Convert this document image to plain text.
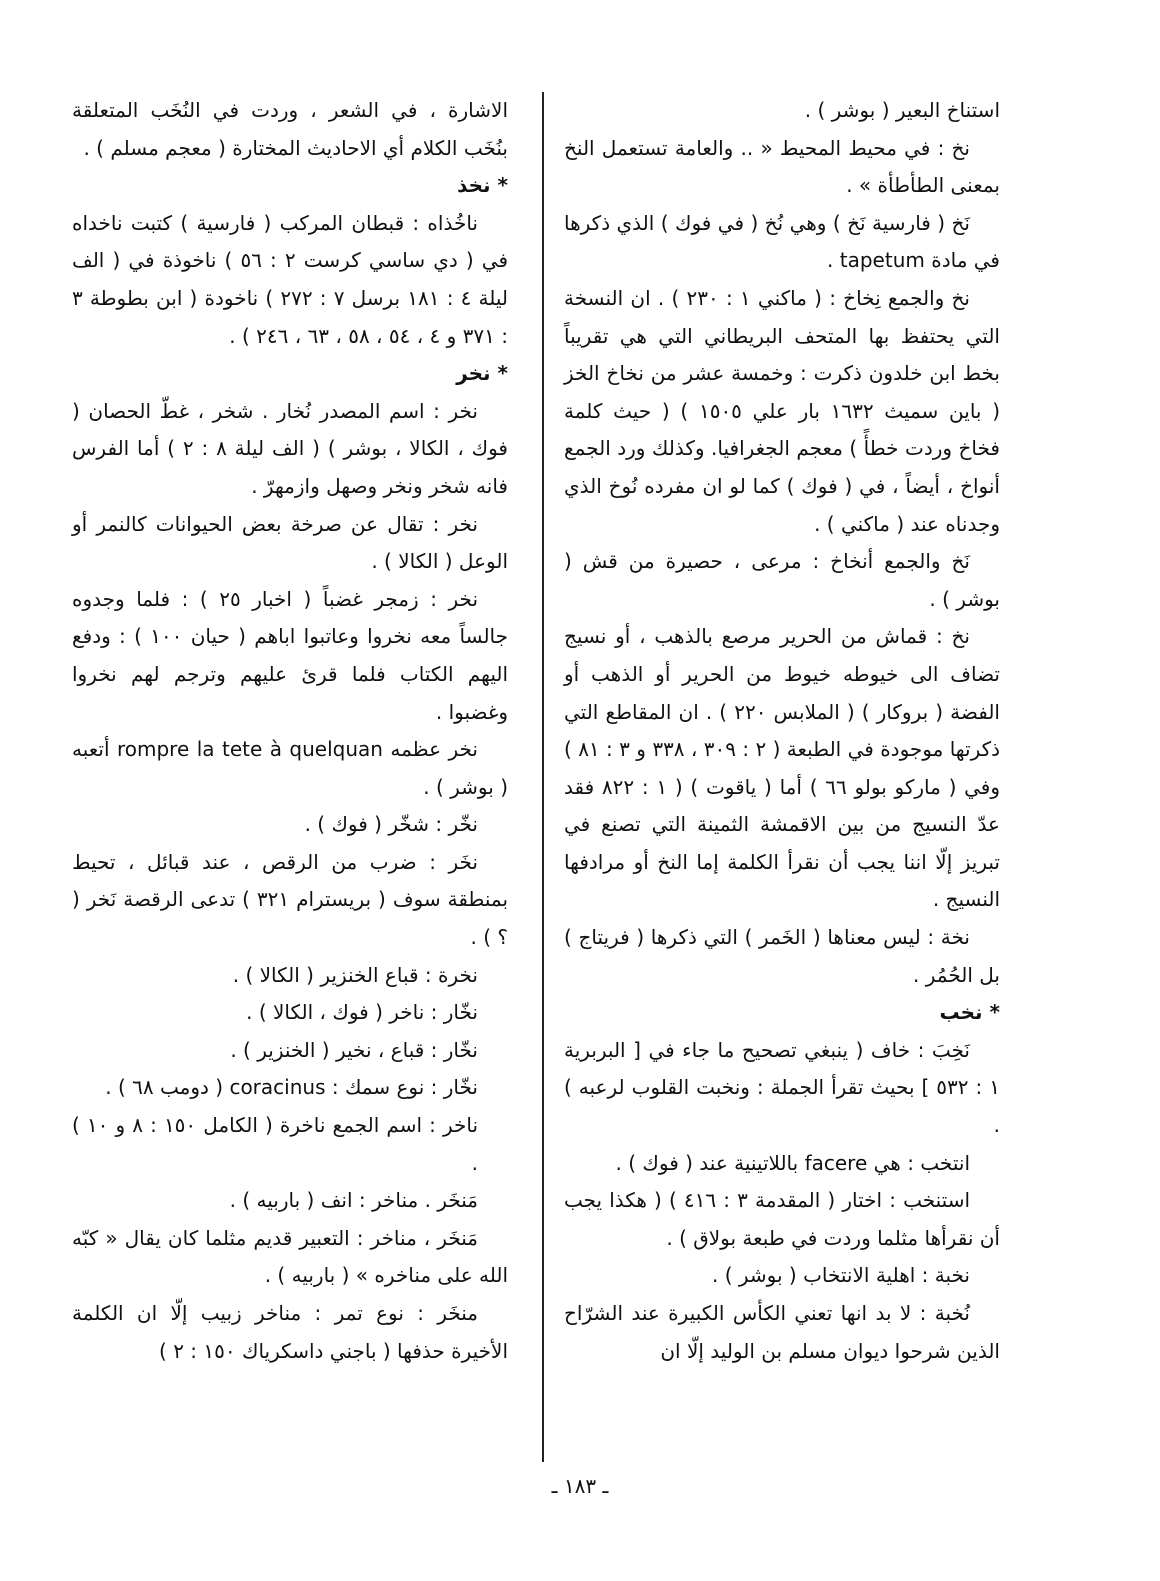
استناخ البعير ( بوشر ) .

نخ : في محيط المحيط « .. والعامة تستعمل النخ بمعنى الطأطأة » .

نَخ ( فارسية نَخ ) وهي نُخ ( في فوك ) الذي ذكرها في مادة tapetum .

نخ والجمع نِخاخ : ( ماكني ١ : ٢٣٠ ) . ان النسخة التي يحتفظ بها المتحف البريطاني التي هي تقريباً بخط ابن خلدون ذكرت : وخمسة عشر من نخاخ الخز ( باين سميث ١٦٣٢ بار علي ١٥٠٥ ) ( حيث كلمة فخاخ وردت خطأً ) معجم الجغرافيا. وكذلك ورد الجمع أنواخ ، أيضاً ، في ( فوك ) كما لو ان مفرده نُوخ الذي وجدناه عند ( ماكني ) .

نَخ والجمع أنخاخ : مرعى ، حصيرة من قش ( بوشر ) .

نخ : قماش من الحرير مرصع بالذهب ، أو نسيج تضاف الى خيوطه خيوط من الحرير أو الذهب أو الفضة ( بروكار ) ( الملابس ٢٢٠ ) . ان المقاطع التي ذكرتها موجودة في الطبعة ( ٢ : ٣٠٩ ، ٣٣٨ و ٣ : ٨١ ) وفي ( ماركو بولو ٦٦ ) أما ( ياقوت ) ( ١ : ٨٢٢ فقد عدّ النسيج من بين الاقمشة الثمينة التي تصنع في تبريز إلّا اننا يجب أن نقرأ الكلمة إما النخ أو مرادفها النسيج .

نخة : ليس معناها ( الخَمر ) التي ذكرها ( فريتاج ) بل الحُمُر .

* نخب

نَخِبَ : خاف ( ينبغي تصحيح ما جاء في [ البربرية ١ : ٥٣٢ ] بحيث تقرأ الجملة : ونخبت القلوب لرعبه ) .

انتخب : هي facere باللاتينية عند ( فوك ) .

استنخب : اختار ( المقدمة ٣ : ٤١٦ ) ( هكذا يجب أن نقرأها مثلما وردت في طبعة بولاق ) .

نخبة : اهلية الانتخاب ( بوشر ) .

نُخبة : لا بد انها تعني الكأس الكبيرة عند الشرّاح الذين شرحوا ديوان مسلم بن الوليد إلّا ان

الاشارة ، في الشعر ، وردت في النُخَب المتعلقة بنُخَب الكلام أي الاحاديث المختارة ( معجم مسلم ) .

* نخذ

ناخُذاه : قبطان المركب ( فارسية ) كتبت ناخداه في ( دي ساسي كرست ٢ : ٥٦ ) ناخوذة في ( الف ليلة ٤ : ١٨١ برسل ٧ : ٢٧٢ ) ناخودة ( ابن بطوطة ٣ : ٣٧١ و ٤ ، ٥٤ ، ٥٨ ، ٦٣ ، ٢٤٦ ) .

* نخر

نخر : اسم المصدر نُخار . شخر ، غطّ الحصان ( فوك ، الكالا ، بوشر ) ( الف ليلة ٨ : ٢ ) أما الفرس فانه شخر ونخر وصهل وازمهرّ .

نخر : تقال عن صرخة بعض الحيوانات كالنمر أو الوعل ( الكالا ) .

نخر : زمجر غضباً ( اخبار ٢٥ ) : فلما وجدوه جالساً معه نخروا وعاتبوا اباهم ( حيان ١٠٠ ) : ودفع اليهم الكتاب فلما قرئ عليهم وترجم لهم نخروا وغضبوا .

نخر عظمه rompre la tete à quelquan أتعبه ( بوشر ) .

نخّر : شخّر ( فوك ) .

نخَر : ضرب من الرقص ، عند قبائل ، تحيط بمنطقة سوف ( بريسترام ٣٢١ ) تدعى الرقصة نَخر ( ؟ ) .

نخرة : قباع الخنزير ( الكالا ) .

نخّار : ناخر ( فوك ، الكالا ) .

نخّار : قباع ، نخير ( الخنزير ) .

نخّار : نوع سمك : coracinus ( دومب ٦٨ ) .

ناخر : اسم الجمع ناخرة ( الكامل ١٥٠ : ٨ و ١٠ ) .

مَنخَر . مناخر : انف ( باربيه ) .

مَنخَر ، مناخر : التعبير قديم مثلما كان يقال « كبّه الله على مناخره » ( باربيه ) .

منخَر : نوع تمر : مناخر زبيب إلّا ان الكلمة الأخيرة حذفها ( باجني داسكرياك ١٥٠ : ٢ )

ـ ١٨٣ ـ
